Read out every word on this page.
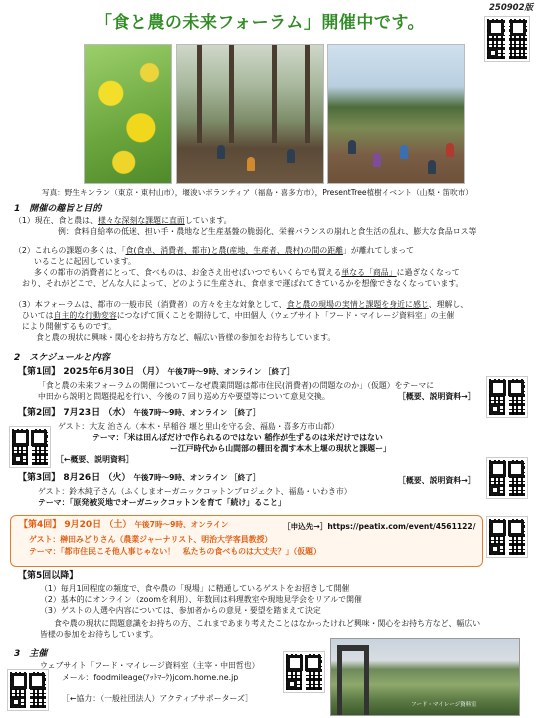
250902版
「食と農の未来フォーラム」開催中です。
写真：野生キンラン（東京・東村山市），堰浚いボランティア（福島・喜多方市），PresentTree植樹イベント（山梨・笛吹市）
1　開催の趣旨と目的
（1）現在、食と農は、様々な深刻な課題に直面しています。
例：食料自給率の低迷、担い手・農地など生産基盤の脆弱化、栄養バランスの崩れと食生活の乱れ、膨大な食品ロス等
（2）これらの課題の多くは、「食(食卓、消費者、都市)と農(産地、生産者、農村)の間の距離」が離れてしまって
いることに起因しています。
多くの都市の消費者にとって、食べものは、お金さえ出せばいつでもいくらでも買える単なる「商品」に過ぎなくなって
おり、それがどこで、どんな人によって、どのように生産され、食卓まで運ばれてきているかを想像できなくなっています。
（3）本フォーラムは、都市の一般市民（消費者）の方々を主な対象として、食と農の現場の実情と課題を身近に感じ、理解し、
ひいては自主的な行動変容につなげて頂くことを期待して、中田個人（ウェブサイト「フード・マイレージ資料室」の主催
により開催するものです。
食と農の現状に興味・関心をお持ち方など、幅広い皆様の参加をお待ちしています。
2　スケジュールと内容
【第1回】 2025年6月30日 （月） 午後7時～9時、オンライン ［終了］
「食と農の未来フォーラムの開催についてーなぜ農業問題は都市住民(消費者)の問題なのか」（仮題）をテーマに
中田から説明と問題提起を行い、今後の７回り巡め方や要望等について意見交換。	［概要、説明資料→］
【第2回】 7月23日 （水） 午後7時～9時、オンライン ［終了］
ゲスト：大友 治さん（本木・早稲谷 堰と里山を守る会、福島・喜多方市山都）
テーマ：「米は田んぼだけで作られるのではない 稲作が生ずるのは米だけではない
ー江戸時代から山間部の棚田を潤す本木上堰の現状と課題ー」
［←概要、説明資料］
【第3回】 8月26日 （火） 午後7時～9時、オンライン ［終了］	［概要、説明資料→］
ゲスト：鈴木純子さん（ふくしまオーガニックコットンプロジェクト、福島・いわき市）
テーマ：「原発被災地でオーガニックコットンを育て「続け」ること」
【第4回】 9月20日 （土） 午後7時～9時、オンライン	［申込先→］https://peatix.com/event/4561122/
ゲスト：榊田みどりさん（農業ジャーナリスト、明治大学客員教授）
テーマ：「都市住民こそ他人事じゃない！　私たちの食べものは大丈夫？」（仮題）
【第5回以降】
（1）毎月1回程度の頻度で、食や農の「現場」に精通しているゲストをお招きして開催
（2）基本的にオンライン（zoomを利用）、年数回は料理教室や現地見学会をリアルで開催
（3）ゲストの人選や内容については、参加者からの意見・要望を踏まえて決定
食や農の現状に問題意識をお持ちの方、これまであまり考えたことはなかったけれど興味・関心をお持ち方など、幅広い
皆様の参加をお待ちしています。
3　主催
ウェブサイト「フード・マイレージ資料室（主宰・中田哲也）
メール：foodmileage(ｱｯﾄﾏｰｸ)jcom.home.ne.jp
［←協力：（一般社団法人）アクティブサポーターズ］
フード・マイレージ資料室
